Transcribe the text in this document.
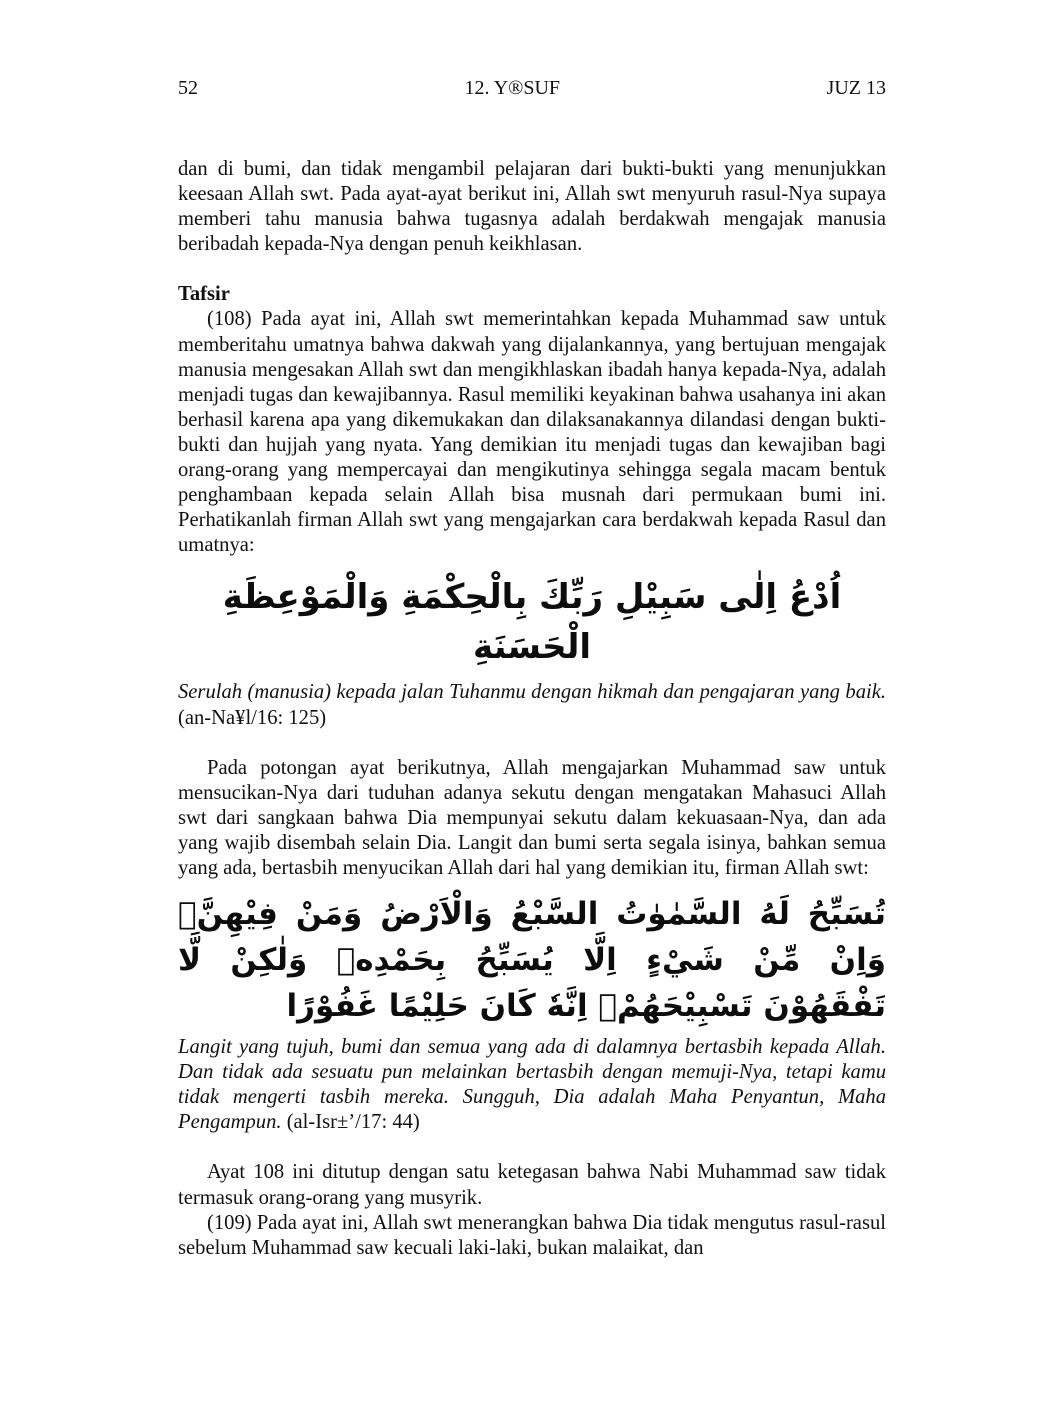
52	12. Y®SUF	JUZ 13

dan di bumi, dan tidak mengambil pelajaran dari bukti-bukti yang menunjukkan keesaan Allah swt. Pada ayat-ayat berikut ini, Allah swt menyuruh rasul-Nya supaya memberi tahu manusia bahwa tugasnya adalah berdakwah mengajak manusia beribadah kepada-Nya dengan penuh keikhlasan.

Tafsir

(108) Pada ayat ini, Allah swt memerintahkan kepada Muhammad saw untuk memberitahu umatnya bahwa dakwah yang dijalankannya, yang bertujuan mengajak manusia mengesakan Allah swt dan mengikhlaskan ibadah hanya kepada-Nya, adalah menjadi tugas dan kewajibannya. Rasul memiliki keyakinan bahwa usahanya ini akan berhasil karena apa yang dikemukakan dan dilaksanakannya dilandasi dengan bukti-bukti dan hujjah yang nyata. Yang demikian itu menjadi tugas dan kewajiban bagi orang-orang yang mempercayai dan mengikutinya sehingga segala macam bentuk penghambaan kepada selain Allah bisa musnah dari permukaan bumi ini. Perhatikanlah firman Allah swt yang mengajarkan cara berdakwah kepada Rasul dan umatnya:

اُدْعُ اِلٰى سَبِيْلِ رَبِّكَ بِالْحِكْمَةِ وَالْمَوْعِظَةِ الْحَسَنَةِ

Serulah (manusia) kepada jalan Tuhanmu dengan hikmah dan pengajaran yang baik. (an-Na¥l/16: 125)

Pada potongan ayat berikutnya, Allah mengajarkan Muhammad saw untuk mensucikan-Nya dari tuduhan adanya sekutu dengan mengatakan Mahasuci Allah swt dari sangkaan bahwa Dia mempunyai sekutu dalam kekuasaan-Nya, dan ada yang wajib disembah selain Dia. Langit dan bumi serta segala isinya, bahkan semua yang ada, bertasbih menyucikan Allah dari hal yang demikian itu, firman Allah swt:

تُسَبِّحُ لَهُ السَّمٰوٰتُ السَّبْعُ وَالْاَرْضُ وَمَنْ فِيْهِنَّۗ وَاِنْ مِّنْ شَيْءٍ اِلَّا يُسَبِّحُ بِحَمْدِهٖ وَلٰكِنْ لَّا تَفْقَهُوْنَ تَسْبِيْحَهُمْۗ اِنَّهٗ كَانَ حَلِيْمًا غَفُوْرًا

Langit yang tujuh, bumi dan semua yang ada di dalamnya bertasbih kepada Allah. Dan tidak ada sesuatu pun melainkan bertasbih dengan memuji-Nya, tetapi kamu tidak mengerti tasbih mereka. Sungguh, Dia adalah Maha Penyantun, Maha Pengampun. (al-Isr±’/17: 44)

Ayat 108 ini ditutup dengan satu ketegasan bahwa Nabi Muhammad saw tidak termasuk orang-orang yang musyrik.

(109) Pada ayat ini, Allah swt menerangkan bahwa Dia tidak mengutus rasul-rasul sebelum Muhammad saw kecuali laki-laki, bukan malaikat, dan
